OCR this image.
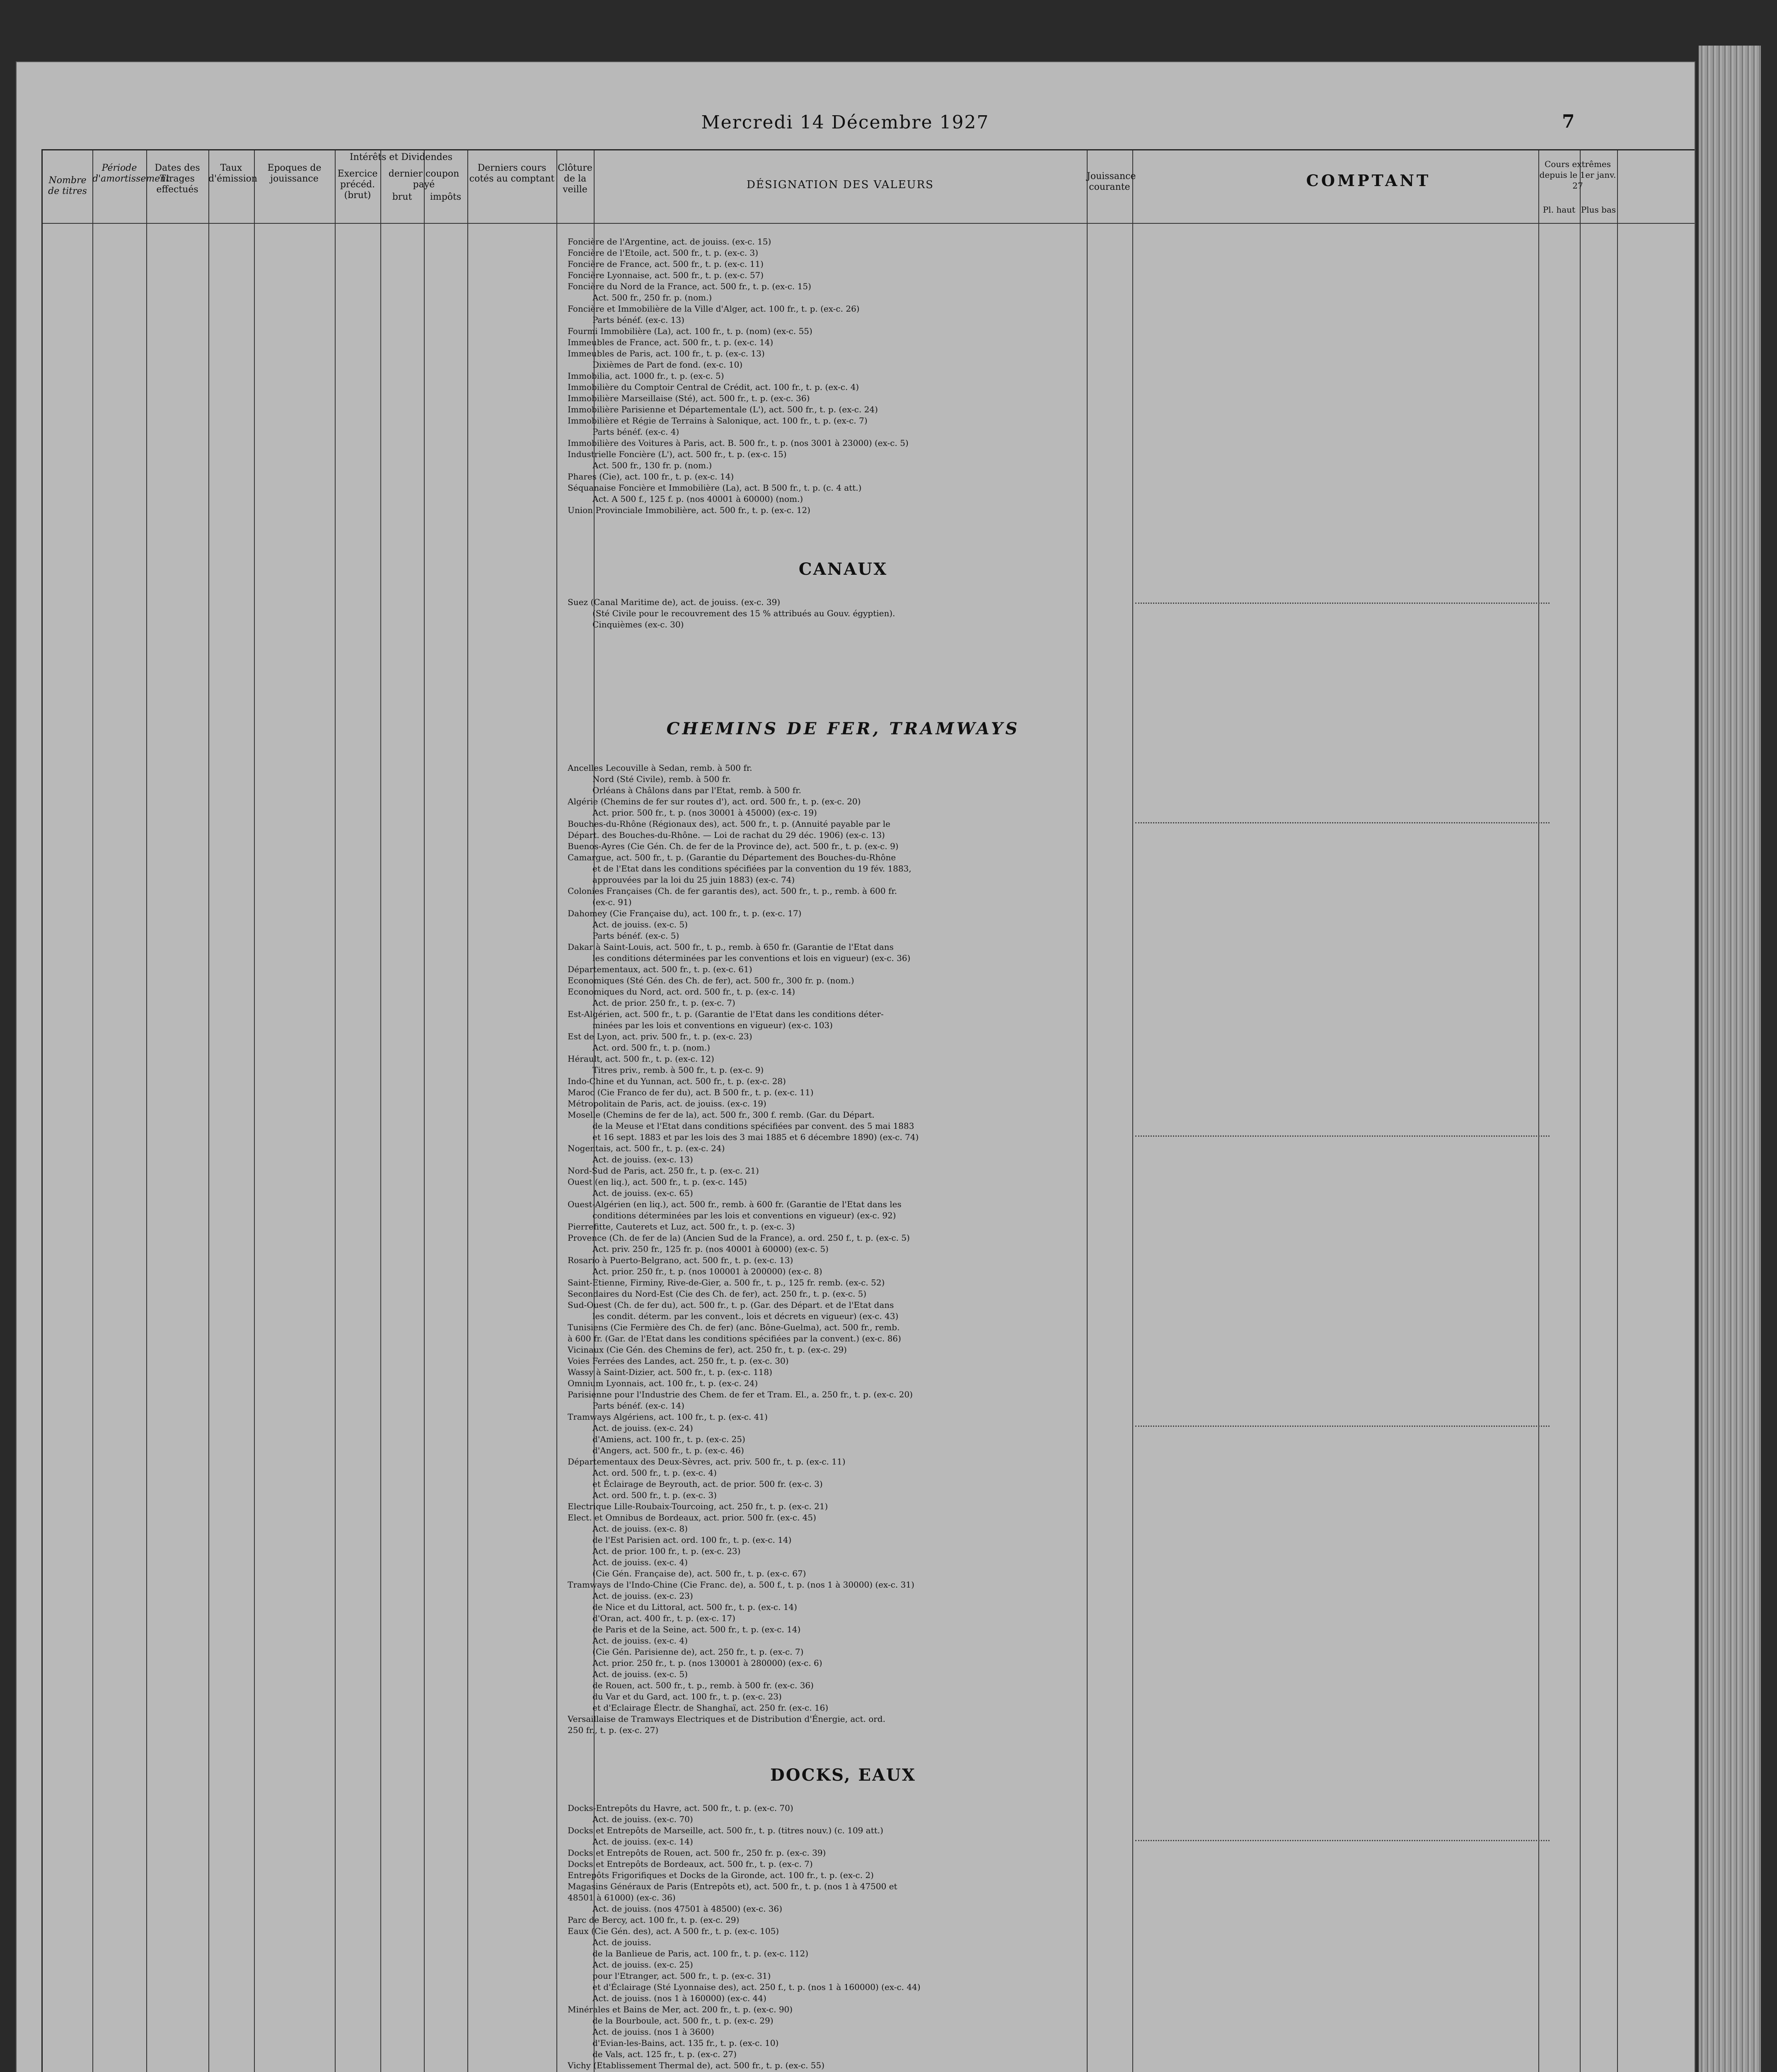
Mercredi 14 Décembre 1927	7
Nombre de titres
Période d'amortissement
Dates des Tirages effectués
Taux d'émission
Epoques de jouissance
Intérêts et Dividendes
Exercice précéd. (brut)
dernier coupon payé
brut	impôts
Derniers cours cotés au comptant
Clôture de la veille	DÉSIGNATION DES VALEURS
Jouissance courante
Cours extrêmes depuis le 1er janv. 27
Pl. haut Plus bas
COMPTANT
Foncière de l'Argentine, act. de jouiss. (ex-c. 15)
Foncière de l'Etoile, act. 500 fr., t. p. (ex-c. 3)
Foncière de France, act. 500 fr., t. p. (ex-c. 11)
Foncière Lyonnaise, act. 500 fr., t. p. (ex-c. 57)
Foncière du Nord de la France, act. 500 fr., t. p. (ex-c. 15)
Act. 500 fr., 250 fr. p. (nom.)
Foncière et Immobilière de la Ville d'Alger, act. 100 fr., t. p. (ex-c. 26)
Parts bénéf. (ex-c. 13)
Fourmi Immobilière (La), act. 100 fr., t. p. (nom) (ex-c. 55)
Immeubles de France, act. 500 fr., t. p. (ex-c. 14)
Immeubles de Paris, act. 100 fr., t. p. (ex-c. 13)
Dixièmes de Part de fond. (ex-c. 10)
Immobilia, act. 1000 fr., t. p. (ex-c. 5)
Immobilière du Comptoir Central de Crédit, act. 100 fr., t. p. (ex-c. 4)
Immobilière Marseillaise (Sté), act. 500 fr., t. p. (ex-c. 36)
Immobilière Parisienne et Départementale (L'), act. 500 fr., t. p. (ex-c. 24)
Immobilière et Régie de Terrains à Salonique, act. 100 fr., t. p. (ex-c. 7)
Parts bénéf. (ex-c. 4)
Immobilière des Voitures à Paris, act. B. 500 fr., t. p. (nos 3001 à 23000) (ex-c. 5)
Industrielle Foncière (L'), act. 500 fr., t. p. (ex-c. 15)
Act. 500 fr., 130 fr. p. (nom.)
Phares (Cie), act. 100 fr., t. p. (ex-c. 14)
Séquanaise Foncière et Immobilière (La), act. B 500 fr., t. p. (c. 4 att.)
Act. A 500 f., 125 f. p. (nos 40001 à 60000) (nom.)
Union Provinciale Immobilière, act. 500 fr., t. p. (ex-c. 12)
CANAUX
Suez (Canal Maritime de), act. de jouiss. (ex-c. 39)
(Sté Civile pour le recouvrement des 15 % attribués au Gouv. égyptien).
Cinquièmes (ex-c. 30)
CHEMINS DE FER, TRAMWAYS
Ancelles Lecouville à Sedan, remb. à 500 fr.
Nord (Sté Civile), remb. à 500 fr.
Orléans à Châlons dans par l'Etat, remb. à 500 fr.
Algérie (Chemins de fer sur routes d'), act. ord. 500 fr., t. p. (ex-c. 20)
Act. prior. 500 fr., t. p. (nos 30001 à 45000) (ex-c. 19)
Bouches-du-Rhône (Régionaux des), act. 500 fr., t. p. (Annuité payable par le
Départ. des Bouches-du-Rhône. — Loi de rachat du 29 déc. 1906) (ex-c. 13)
Buenos-Ayres (Cie Gén. Ch. de fer de la Province de), act. 500 fr., t. p. (ex-c. 9)
Camargue, act. 500 fr., t. p. (Garantie du Département des Bouches-du-Rhône
et de l'Etat dans les conditions spécifiées par la convention du 19 fév. 1883,
approuvées par la loi du 25 juin 1883) (ex-c. 74)
Colonies Françaises (Ch. de fer garantis des), act. 500 fr., t. p., remb. à 600 fr.
(ex-c. 91)
Dahomey (Cie Française du), act. 100 fr., t. p. (ex-c. 17)
Act. de jouiss. (ex-c. 5)
Parts bénéf. (ex-c. 5)
Dakar à Saint-Louis, act. 500 fr., t. p., remb. à 650 fr. (Garantie de l'Etat dans
les conditions déterminées par les conventions et lois en vigueur) (ex-c. 36)
Départementaux, act. 500 fr., t. p. (ex-c. 61)
Economiques (Sté Gén. des Ch. de fer), act. 500 fr., 300 fr. p. (nom.)
Economiques du Nord, act. ord. 500 fr., t. p. (ex-c. 14)
Act. de prior. 250 fr., t. p. (ex-c. 7)
Est-Algérien, act. 500 fr., t. p. (Garantie de l'Etat dans les conditions déter-
minées par les lois et conventions en vigueur) (ex-c. 103)
Est de Lyon, act. priv. 500 fr., t. p. (ex-c. 23)
Act. ord. 500 fr., t. p. (nom.)
Hérault, act. 500 fr., t. p. (ex-c. 12)
Titres priv., remb. à 500 fr., t. p. (ex-c. 9)
Indo-Chine et du Yunnan, act. 500 fr., t. p. (ex-c. 28)
Maroc (Cie Franco de fer du), act. B 500 fr., t. p. (ex-c. 11)
Métropolitain de Paris, act. de jouiss. (ex-c. 19)
Moselle (Chemins de fer de la), act. 500 fr., 300 f. remb. (Gar. du Départ.
de la Meuse et l'Etat dans conditions spécifiées par convent. des 5 mai 1883
et 16 sept. 1883 et par les lois des 3 mai 1885 et 6 décembre 1890) (ex-c. 74)
Nogentais, act. 500 fr., t. p. (ex-c. 24)
Act. de jouiss. (ex-c. 13)
Nord-Sud de Paris, act. 250 fr., t. p. (ex-c. 21)
Ouest (en liq.), act. 500 fr., t. p. (ex-c. 145)
Act. de jouiss. (ex-c. 65)
Ouest-Algérien (en liq.), act. 500 fr., remb. à 600 fr. (Garantie de l'Etat dans les
conditions déterminées par les lois et conventions en vigueur) (ex-c. 92)
Pierrefitte, Cauterets et Luz, act. 500 fr., t. p. (ex-c. 3)
Provence (Ch. de fer de la) (Ancien Sud de la France), a. ord. 250 f., t. p. (ex-c. 5)
Act. priv. 250 fr., 125 fr. p. (nos 40001 à 60000) (ex-c. 5)
Rosario à Puerto-Belgrano, act. 500 fr., t. p. (ex-c. 13)
Act. prior. 250 fr., t. p. (nos 100001 à 200000) (ex-c. 8)
Saint-Etienne, Firminy, Rive-de-Gier, a. 500 fr., t. p., 125 fr. remb. (ex-c. 52)
Secondaires du Nord-Est (Cie des Ch. de fer), act. 250 fr., t. p. (ex-c. 5)
Sud-Ouest (Ch. de fer du), act. 500 fr., t. p. (Gar. des Départ. et de l'Etat dans
les condit. déterm. par les convent., lois et décrets en vigueur) (ex-c. 43)
Tunisiens (Cie Fermière des Ch. de fer) (anc. Bône-Guelma), act. 500 fr., remb.
à 600 fr. (Gar. de l'Etat dans les conditions spécifiées par la convent.) (ex-c. 86)
Vicinaux (Cie Gén. des Chemins de fer), act. 250 fr., t. p. (ex-c. 29)
Voies Ferrées des Landes, act. 250 fr., t. p. (ex-c. 30)
Wassy à Saint-Dizier, act. 500 fr., t. p. (ex-c. 118)
Omnium Lyonnais, act. 100 fr., t. p. (ex-c. 24)
Parisienne pour l'Industrie des Chem. de fer et Tram. El., a. 250 fr., t. p. (ex-c. 20)
Parts bénéf. (ex-c. 14)
Tramways Algériens, act. 100 fr., t. p. (ex-c. 41)
Act. de jouiss. (ex-c. 24)
d'Amiens, act. 100 fr., t. p. (ex-c. 25)
d'Angers, act. 500 fr., t. p. (ex-c. 46)
Départementaux des Deux-Sèvres, act. priv. 500 fr., t. p. (ex-c. 11)
Act. ord. 500 fr., t. p. (ex-c. 4)
et Éclairage de Beyrouth, act. de prior. 500 fr. (ex-c. 3)
Act. ord. 500 fr., t. p. (ex-c. 3)
Electrique Lille-Roubaix-Tourcoing, act. 250 fr., t. p. (ex-c. 21)
Elect. et Omnibus de Bordeaux, act. prior. 500 fr. (ex-c. 45)
Act. de jouiss. (ex-c. 8)
de l'Est Parisien act. ord. 100 fr., t. p. (ex-c. 14)
Act. de prior. 100 fr., t. p. (ex-c. 23)
Act. de jouiss. (ex-c. 4)
(Cie Gén. Française de), act. 500 fr., t. p. (ex-c. 67)
Tramways de l'Indo-Chine (Cie Franc. de), a. 500 f., t. p. (nos 1 à 30000) (ex-c. 31)
Act. de jouiss. (ex-c. 23)
de Nice et du Littoral, act. 500 fr., t. p. (ex-c. 14)
d'Oran, act. 400 fr., t. p. (ex-c. 17)
de Paris et de la Seine, act. 500 fr., t. p. (ex-c. 14)
Act. de jouiss. (ex-c. 4)
(Cie Gén. Parisienne de), act. 250 fr., t. p. (ex-c. 7)
Act. prior. 250 fr., t. p. (nos 130001 à 280000) (ex-c. 6)
Act. de jouiss. (ex-c. 5)
de Rouen, act. 500 fr., t. p., remb. à 500 fr. (ex-c. 36)
du Var et du Gard, act. 100 fr., t. p. (ex-c. 23)
et d'Eclairage Électr. de Shanghaï, act. 250 fr. (ex-c. 16)
Versaillaise de Tramways Electriques et de Distribution d'Énergie, act. ord.
250 fr., t. p. (ex-c. 27)
DOCKS, EAUX
Docks-Entrepôts du Havre, act. 500 fr., t. p. (ex-c. 70)
Act. de jouiss. (ex-c. 70)
Docks et Entrepôts de Marseille, act. 500 fr., t. p. (titres nouv.) (c. 109 att.)
Act. de jouiss. (ex-c. 14)
Docks et Entrepôts de Rouen, act. 500 fr., 250 fr. p. (ex-c. 39)
Docks et Entrepôts de Bordeaux, act. 500 fr., t. p. (ex-c. 7)
Entrepôts Frigorifiques et Docks de la Gironde, act. 100 fr., t. p. (ex-c. 2)
Magasins Généraux de Paris (Entrepôts et), act. 500 fr., t. p. (nos 1 à 47500 et
48501 à 61000) (ex-c. 36)
Act. de jouiss. (nos 47501 à 48500) (ex-c. 36)
Parc de Bercy, act. 100 fr., t. p. (ex-c. 29)
Eaux (Cie Gén. des), act. A 500 fr., t. p. (ex-c. 105)
Act. de jouiss.
de la Banlieue de Paris, act. 100 fr., t. p. (ex-c. 112)
Act. de jouiss. (ex-c. 25)
pour l'Etranger, act. 500 fr., t. p. (ex-c. 31)
et d'Éclairage (Sté Lyonnaise des), act. 250 f., t. p. (nos 1 à 160000) (ex-c. 44)
Act. de jouiss. (nos 1 à 160000) (ex-c. 44)
Minérales et Bains de Mer, act. 200 fr., t. p. (ex-c. 90)
de la Bourboule, act. 500 fr., t. p. (ex-c. 29)
Act. de jouiss. (nos 1 à 3600)
d'Evian-les-Bains, act. 135 fr., t. p. (ex-c. 10)
de Vals, act. 125 fr., t. p. (ex-c. 27)
Vichy (Etablissement Thermal de), act. 500 fr., t. p. (ex-c. 55)
